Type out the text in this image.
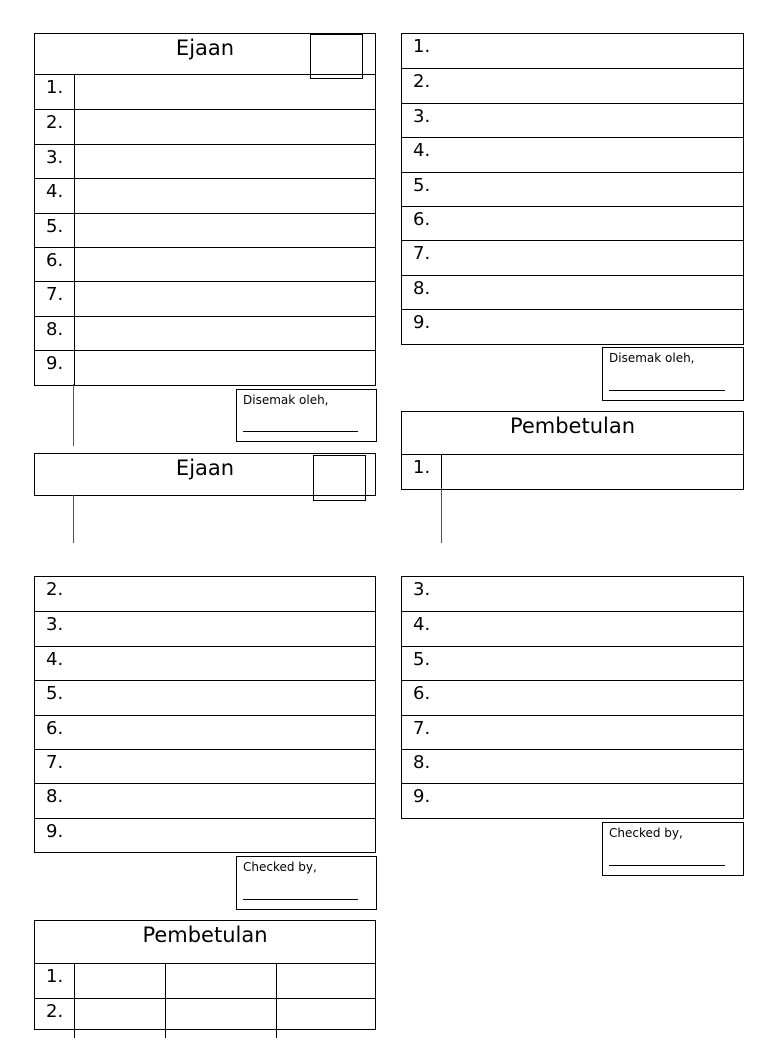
Ejaan
1.
2.
3.
4.
5.
6.
7.
8.
9.
Disemak oleh,
1.
2.
3.
4.
5.
6.
7.
8.
9.
Disemak oleh,
Ejaan
Pembetulan
1.
2.
3.
4.
5.
6.
7.
8.
9.
Checked by,
3.
4.
5.
6.
7.
8.
9.
Checked by,
Pembetulan
1.
2.
